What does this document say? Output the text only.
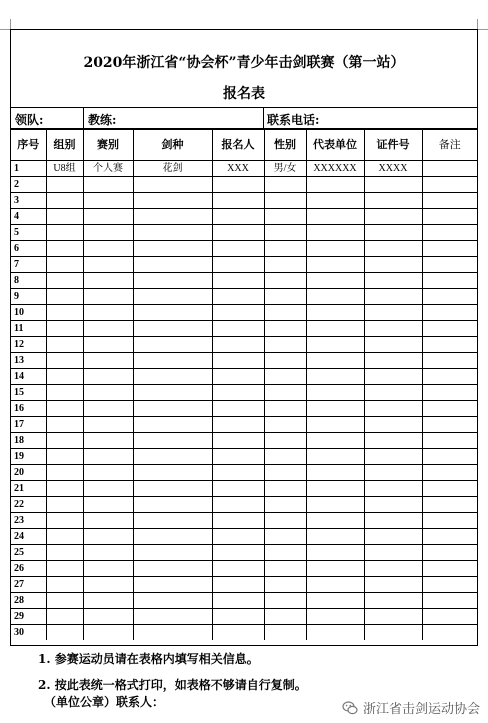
2020年浙江省“协会杯”青少年击剑联赛（第一站）
报名表
领队:	教练:	联系电话:
序号	组别	赛别	剑种	报名人	性别	代表单位	证件号	备注
1	U8组	个人赛	花剑	XXX	男/女	XXXXXX	XXXX	
2								
3								
4								
5								
6								
7								
8								
9								
10								
11								
12								
13								
14								
15								
16								
17								
18								
19								
20								
21								
22								
23								
24								
25								
26								
27								
28								
29								
30								
1. 参赛运动员请在表格内填写相关信息。
2. 按此表统一格式打印，如表格不够请自行复制。
（单位公章）联系人：	浙江省击剑运动协会
